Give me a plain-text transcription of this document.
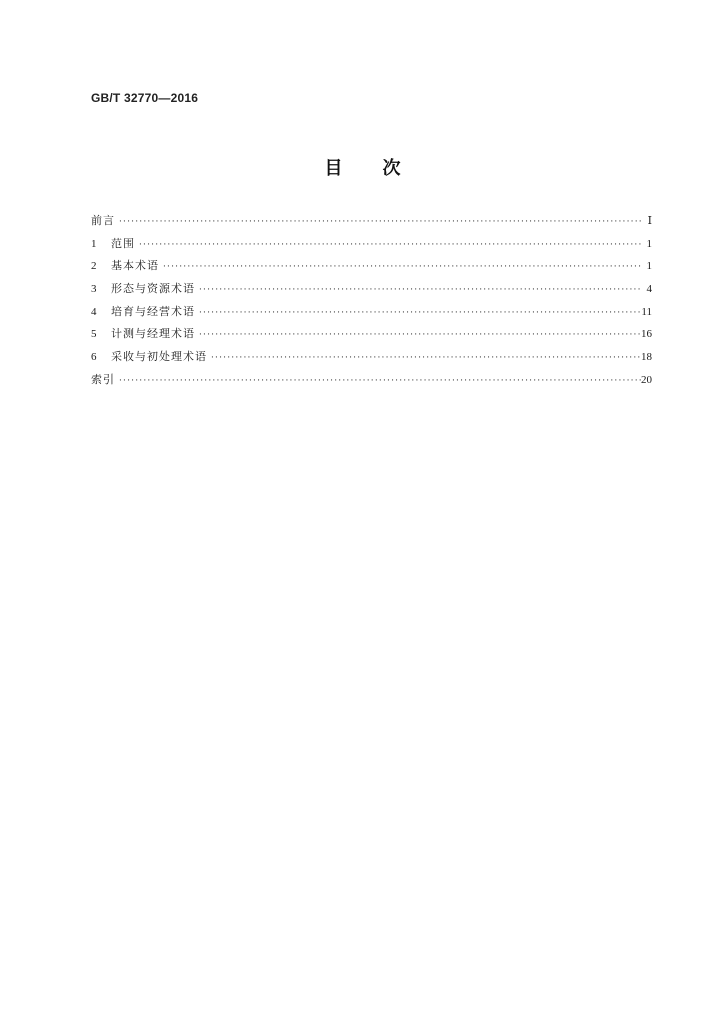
GB/T 32770—2016
目 次
前言 ·····	Ⅰ
1	范围 ·····	1
2	基本术语 ·····	1
3	形态与资源术语 ·····	4
4	培育与经营术语 ·····	11
5	计测与经理术语 ·····	16
6	采收与初处理术语 ·····	18
索引 ·····	20
